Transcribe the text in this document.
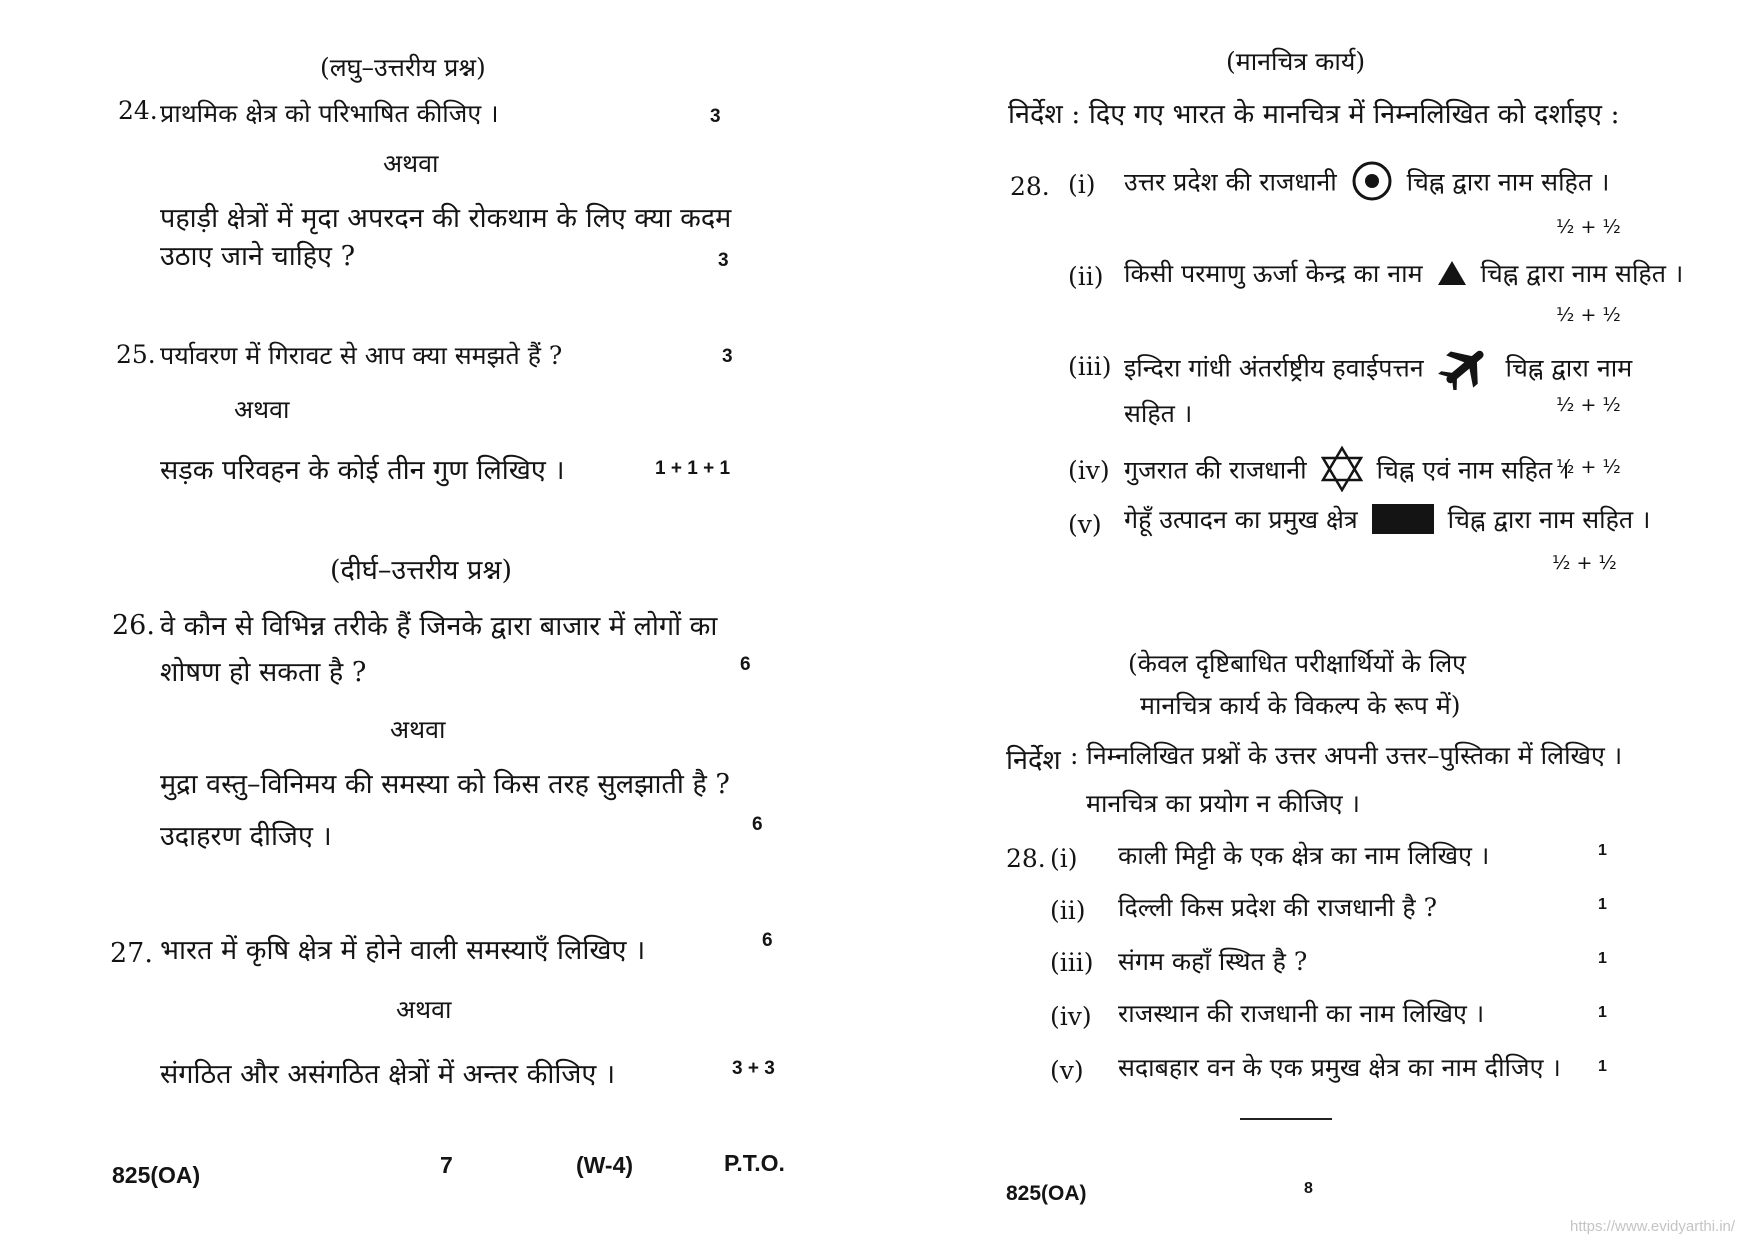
(लघु–उत्तरीय प्रश्न)
24. प्राथमिक क्षेत्र को परिभाषित कीजिए ।	3
अथवा
पहाड़ी क्षेत्रों में मृदा अपरदन की रोकथाम के लिए क्या कदम
उठाए जाने चाहिए ?	3
25. पर्यावरण में गिरावट से आप क्या समझते हैं ?	3
अथवा
सड़क परिवहन के कोई तीन गुण लिखिए ।	1 + 1 + 1
(दीर्घ–उत्तरीय प्रश्न)
26. वे कौन से विभिन्न तरीके हैं जिनके द्वारा बाजार में लोगों का
शोषण हो सकता है ?	6
अथवा
मुद्रा वस्तु–विनिमय की समस्या को किस तरह सुलझाती है ?
उदाहरण दीजिए ।	6
27. भारत में कृषि क्षेत्र में होने वाली समस्याएँ लिखिए ।	6
अथवा
संगठित और असंगठित क्षेत्रों में अन्तर कीजिए ।	3 + 3
825(OA)	7	(W-4)	P.T.O.
(मानचित्र कार्य)
निर्देश : दिए गए भारत के मानचित्र में निम्नलिखित को दर्शाइए :
28. (i) उत्तर प्रदेश की राजधानी	चिह्न द्वारा नाम सहित ।
½ + ½
(ii) किसी परमाणु ऊर्जा केन्द्र का नाम चिह्न द्वारा नाम सहित ।
½ + ½
(iii) इन्दिरा गांधी अंतर्राष्ट्रीय हवाईपत्तन	चिह्न द्वारा नाम
सहित ।	½ + ½
(iv) गुजरात की राजधानी	चिह्न एवं नाम सहित ।
½ + ½
(v) गेहूँ उत्पादन का प्रमुख क्षेत्र	चिह्न द्वारा नाम सहित ।
½ + ½
(केवल दृष्टिबाधित परीक्षार्थियों के लिए
मानचित्र कार्य के विकल्प के रूप में)
निर्देश : निम्नलिखित प्रश्नों के उत्तर अपनी उत्तर–पुस्तिका में लिखिए ।
मानचित्र का प्रयोग न कीजिए ।
28. (i) काली मिट्टी के एक क्षेत्र का नाम लिखिए ।	1
(ii) दिल्ली किस प्रदेश की राजधानी है ?	1
(iii) संगम कहाँ स्थित है ?	1
(iv) राजस्थान की राजधानी का नाम लिखिए ।	1
(v) सदाबहार वन के एक प्रमुख क्षेत्र का नाम दीजिए । 1
825(OA)	8
https://www.evidyarthi.in/
